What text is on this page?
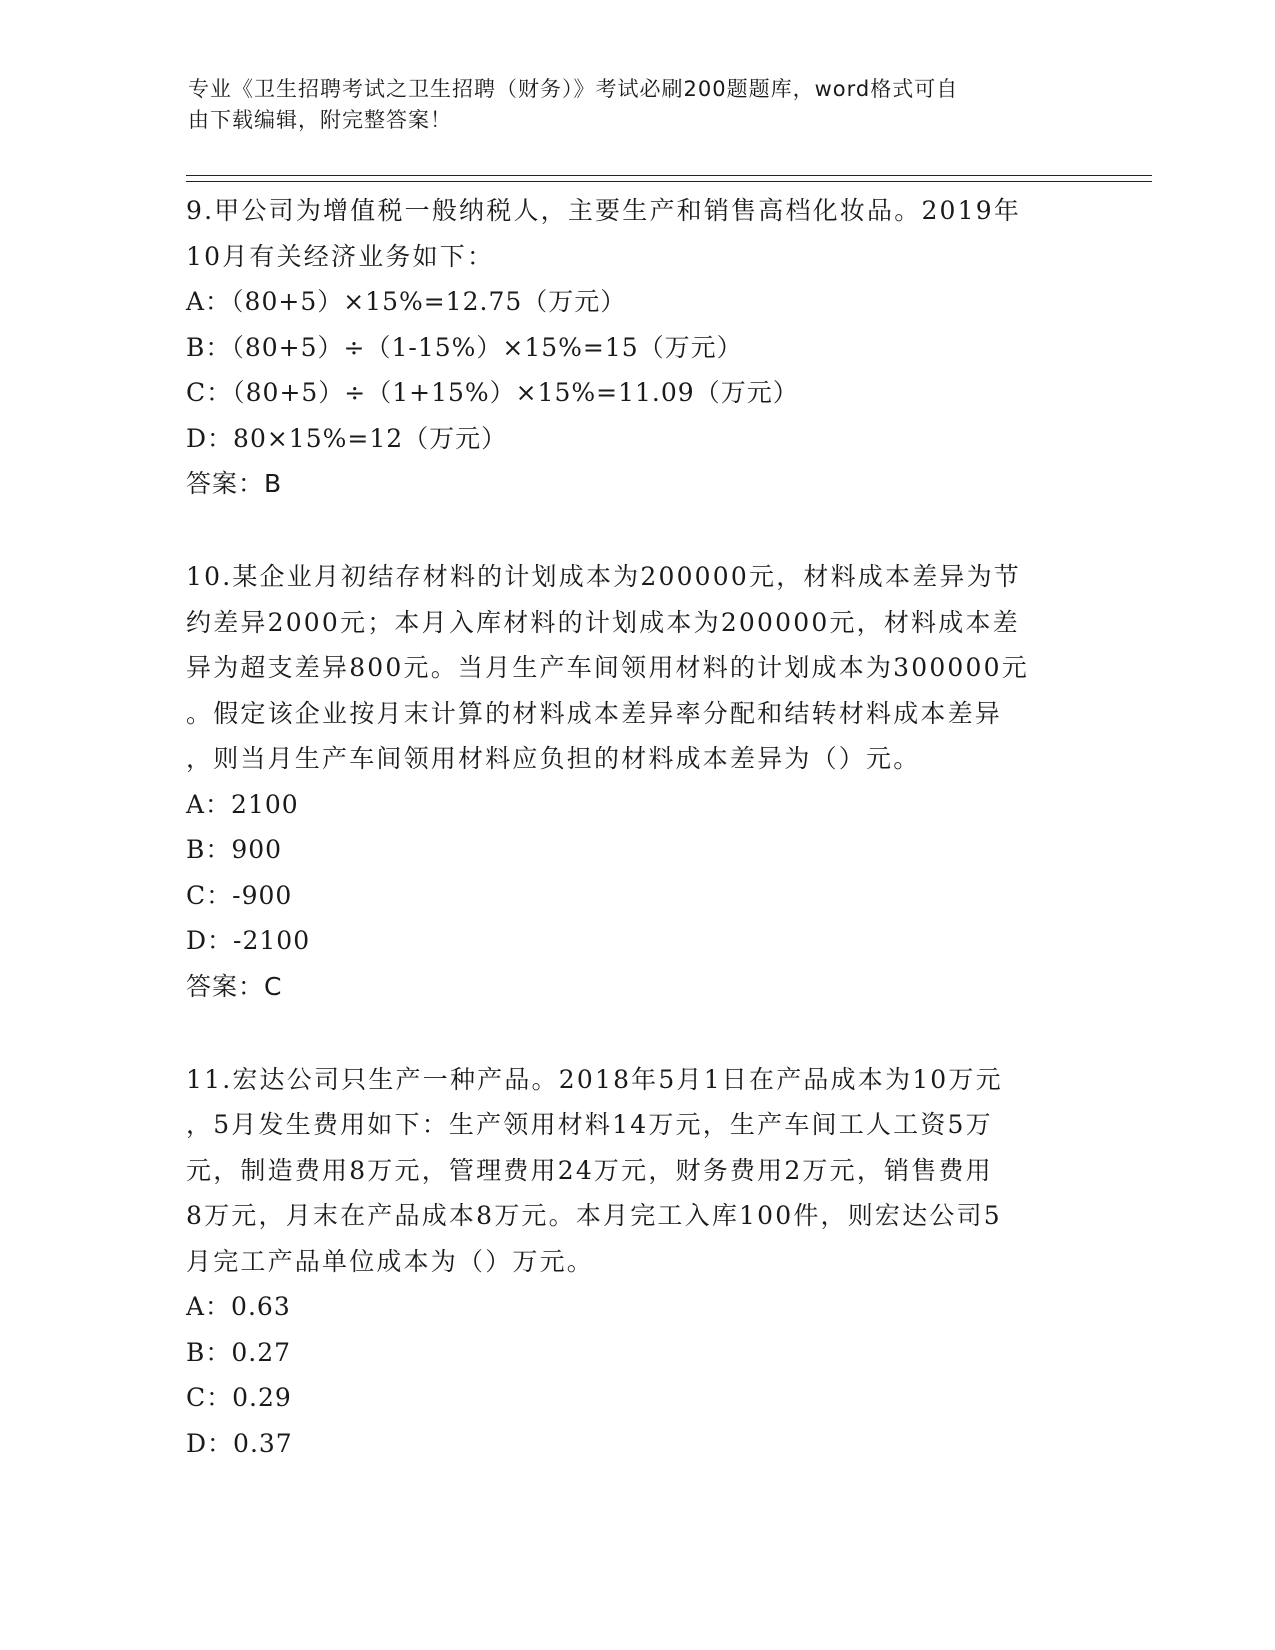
专业《卫生招聘考试之卫生招聘（财务）》考试必刷200题题库，word格式可自
由下载编辑，附完整答案！
9.甲公司为增值税一般纳税人，主要生产和销售高档化妆品。2019年
10月有关经济业务如下：
A：（80+5）×15%=12.75（万元）
B：（80+5）÷（1-15%）×15%=15（万元）
C：（80+5）÷（1+15%）×15%=11.09（万元）
D：80×15%=12（万元）
答案：B
10.某企业月初结存材料的计划成本为200000元，材料成本差异为节
约差异2000元；本月入库材料的计划成本为200000元，材料成本差
异为超支差异800元。当月生产车间领用材料的计划成本为300000元
。假定该企业按月末计算的材料成本差异率分配和结转材料成本差异
，则当月生产车间领用材料应负担的材料成本差异为（）元。
A：2100
B：900
C：-900
D：-2100
答案：C
11.宏达公司只生产一种产品。2018年5月1日在产品成本为10万元
，5月发生费用如下：生产领用材料14万元，生产车间工人工资5万
元，制造费用8万元，管理费用24万元，财务费用2万元，销售费用
8万元，月末在产品成本8万元。本月完工入库100件，则宏达公司5
月完工产品单位成本为（）万元。
A：0.63
B：0.27
C：0.29
D：0.37
